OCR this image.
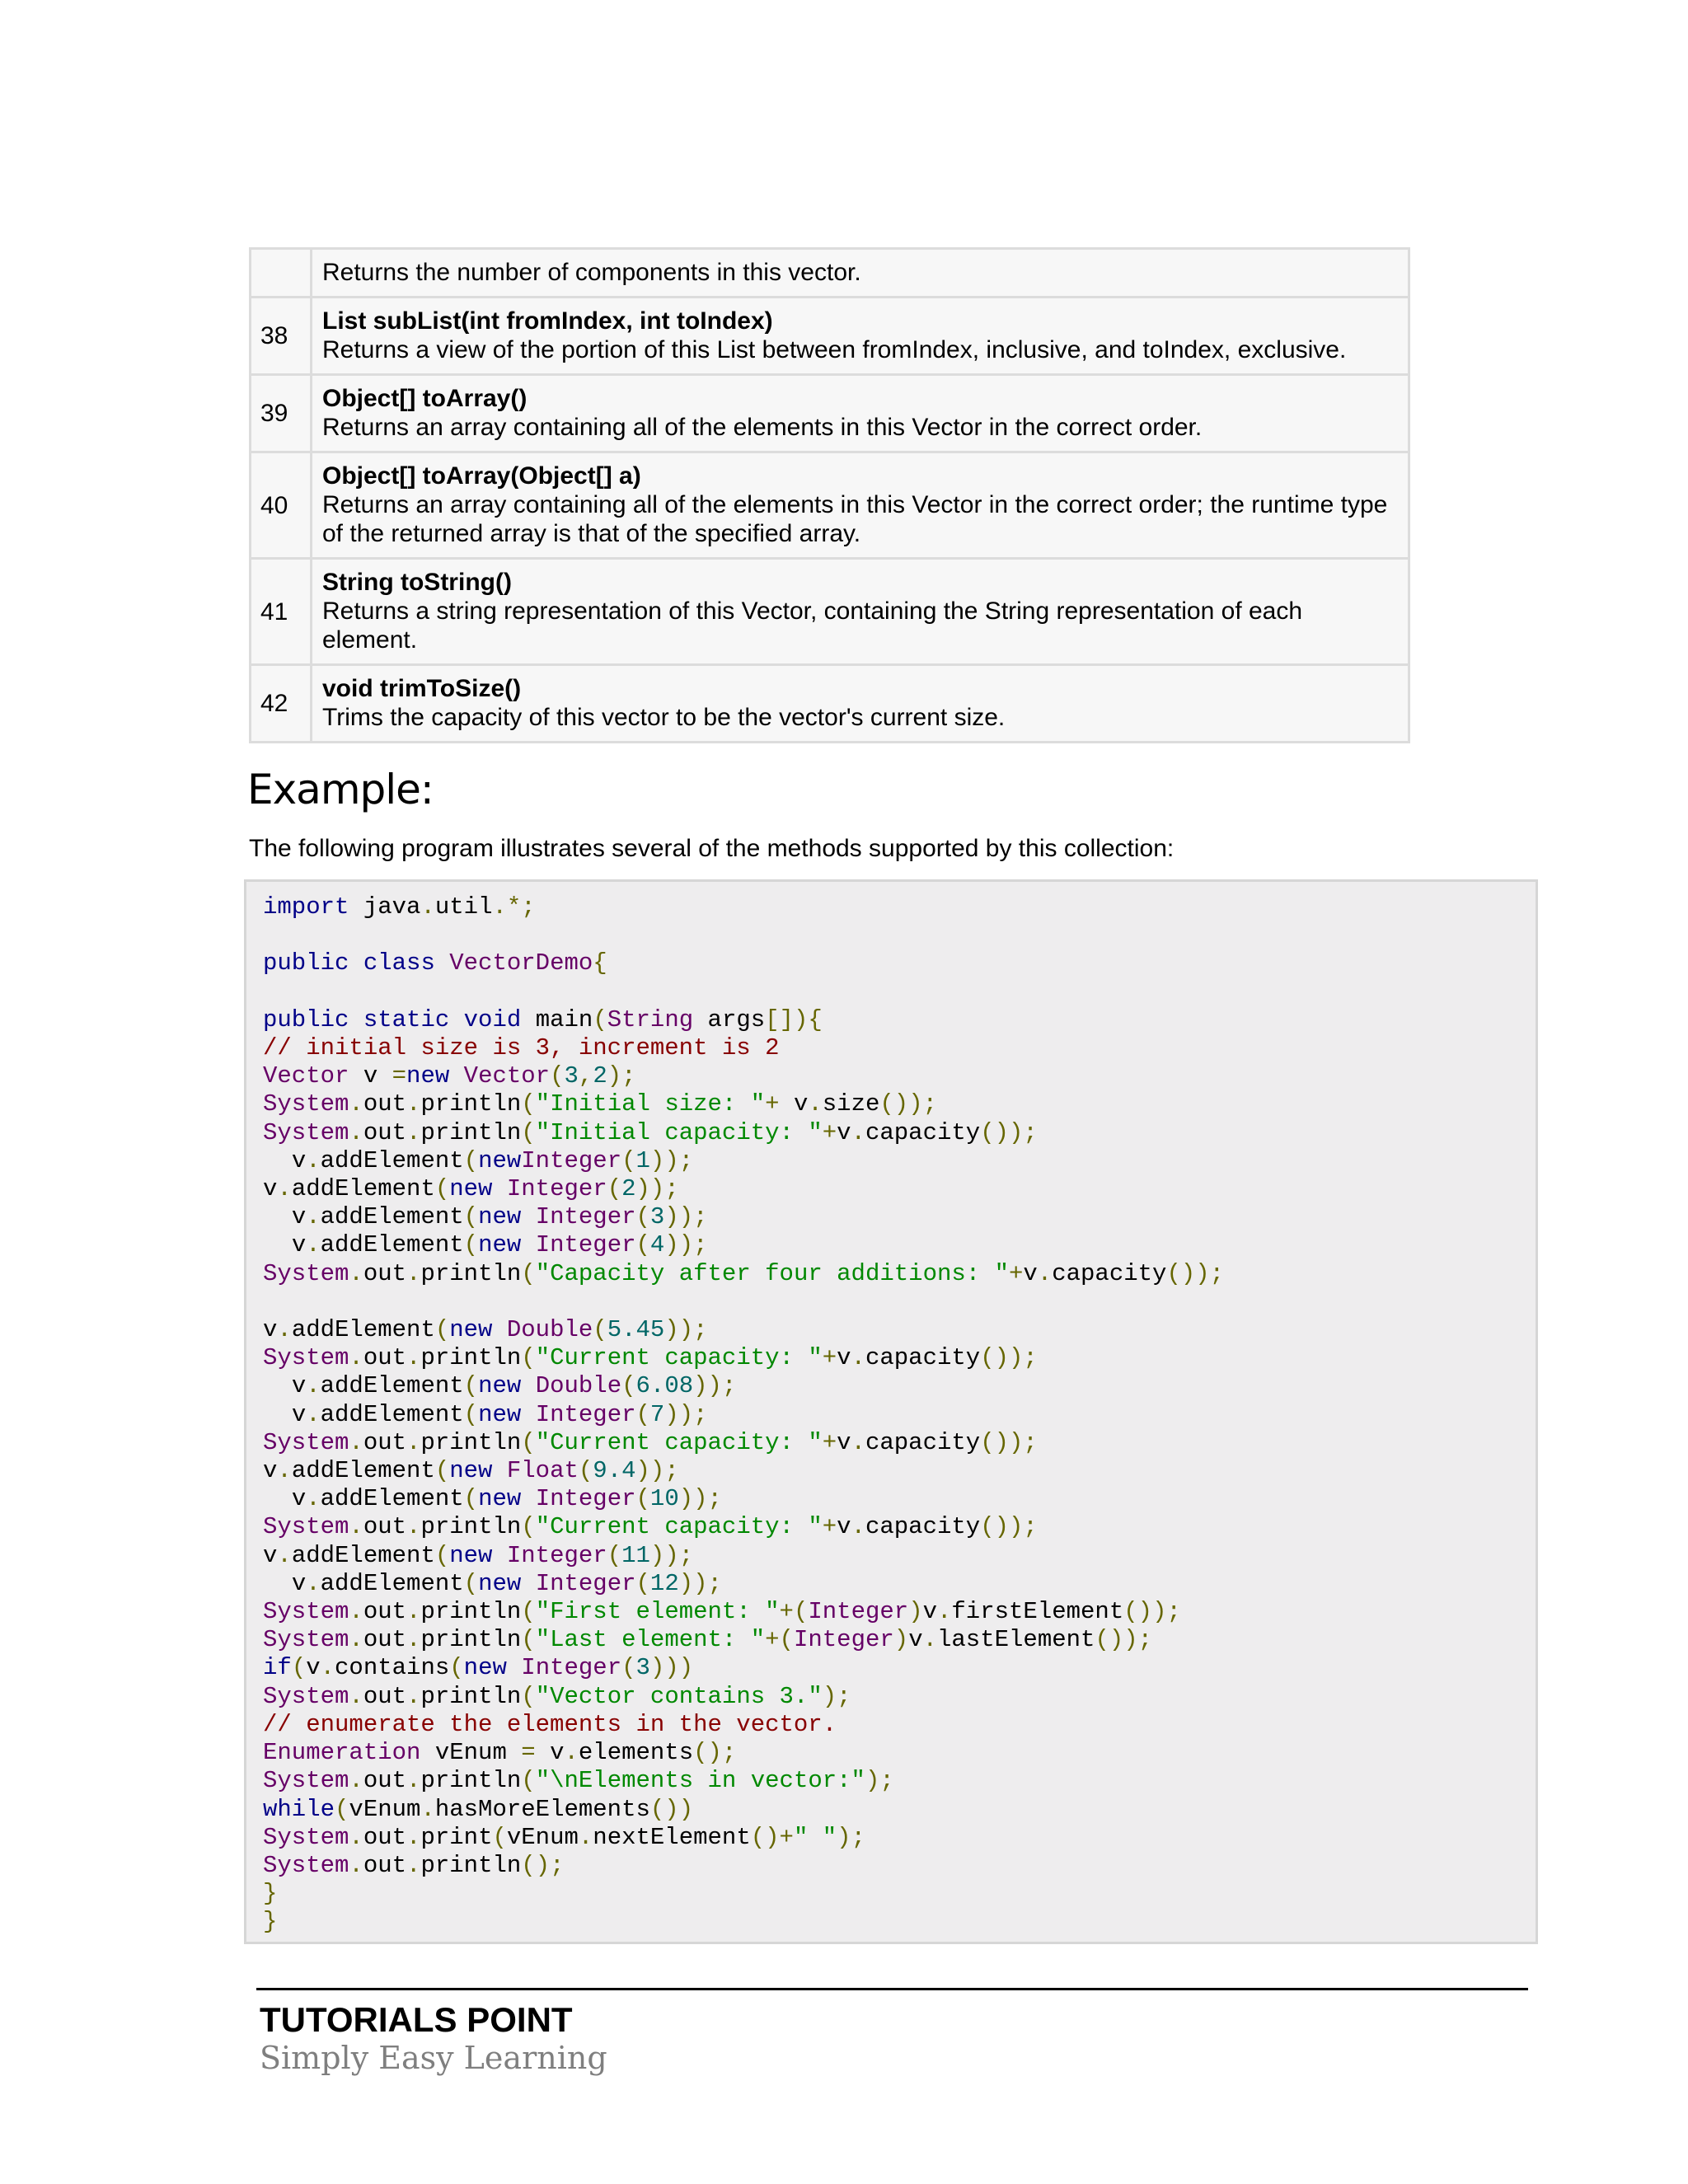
	Returns the number of components in this vector.

38	List subList(int fromIndex, int toIndex)
Returns a view of the portion of this List between fromIndex, inclusive, and toIndex, exclusive.

39	Object[] toArray()
Returns an array containing all of the elements in this Vector in the correct order.

40	Object[] toArray(Object[] a)
Returns an array containing all of the elements in this Vector in the correct order; the runtime type of the returned array is that of the specified array.

41	String toString()
Returns a string representation of this Vector, containing the String representation of each element.

42	void trimToSize()
Trims the capacity of this vector to be the vector's current size.
Example:

The following program illustrates several of the methods supported by this collection:

import java.util.*;

public class VectorDemo{

public static void main(String args[]){
// initial size is 3, increment is 2
Vector v =new Vector(3,2);
System.out.println("Initial size: "+ v.size());
System.out.println("Initial capacity: "+v.capacity());
v.addElement(newInteger(1));
v.addElement(new Integer(2));
v.addElement(new Integer(3));
v.addElement(new Integer(4));
System.out.println("Capacity after four additions: "+v.capacity());

v.addElement(new Double(5.45));
System.out.println("Current capacity: "+v.capacity());
v.addElement(new Double(6.08));
v.addElement(new Integer(7));
System.out.println("Current capacity: "+v.capacity());
v.addElement(new Float(9.4));
v.addElement(new Integer(10));
System.out.println("Current capacity: "+v.capacity());
v.addElement(new Integer(11));
v.addElement(new Integer(12));
System.out.println("First element: "+(Integer)v.firstElement());
System.out.println("Last element: "+(Integer)v.lastElement());
if(v.contains(new Integer(3)))
System.out.println("Vector contains 3.");
// enumerate the elements in the vector.
Enumeration vEnum = v.elements();
System.out.println("\nElements in vector:");
while(vEnum.hasMoreElements())
System.out.print(vEnum.nextElement()+" ");
System.out.println();
}
}

TUTORIALS POINT

Simply Easy Learning
